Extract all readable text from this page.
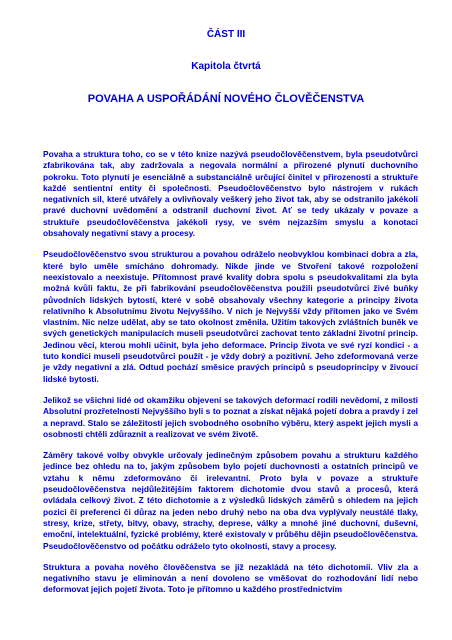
ČÁST III
Kapitola čtvrtá
POVAHA A USPOŘÁDÁNÍ NOVÉHO ČLOVĚČENSTVA

Povaha a struktura toho, co se v této knize nazývá pseudočlověčenstvem, byla pseudotvůrci zfabrikována tak, aby zadržovala a negovala normální a přirozené plynutí duchovního pokroku. Toto plynutí je esenciálně a substanciálně určující činitel v přirozenosti a struktuře každé sentientní entity či společnosti. Pseudočlověčenstvo bylo nástrojem v rukách negativních sil, které utvářely a ovlivňovaly veškerý jeho život tak, aby se odstranilo jakékoli pravé duchovní uvědomění a odstranil duchovní život. Ať se tedy ukázaly v povaze a struktuře pseudočlověčenstva jakékoli rysy, ve svém nejzazším smyslu a konotaci obsahovaly negativní stavy a procesy.

Pseudočlověčenstvo svou strukturou a povahou odráželo neobvyklou kombinaci dobra a zla, které bylo uměle smícháno dohromady. Nikde jinde ve Stvoření takové rozpoložení neexistovalo a neexistuje. Přítomnost pravé kvality dobra spolu s pseudokvalitami zla byla možná kvůli faktu, že při fabrikování pseudočlověčenstva použili pseudotvůrci živé buňky původních lidských bytostí, které v sobě obsahovaly všechny kategorie a principy života relativního k Absolutnímu životu Nejvyššího. V nich je Nejvyšší vždy přítomen jako ve Svém vlastním. Nic nelze udělat, aby se tato okolnost změnila. Užitím takových zvláštních buněk ve svých genetických manipulacích museli pseudotvůrci zachovat tento základní životní princip. Jedinou věcí, kterou mohli učinit, byla jeho deformace. Princip života ve své ryzí kondici - a tuto kondici museli pseudotvůrci použít - je vždy dobrý a pozitivní. Jeho zdeformovaná verze je vždy negativní a zlá. Odtud pochází směsice pravých principů s pseudoprincipy v živoucí lidské bytosti.

Jelikož se všichni lidé od okamžiku objevení se takových deformací rodili nevědomí, z milosti Absolutní prozřetelnosti Nejvyššího byli s to poznat a získat nějaká pojetí dobra a pravdy i zel a nepravd. Stalo se záležitostí jejich svobodného osobního výběru, který aspekt jejich mysli a osobnosti chtěli zdůraznit a realizovat ve svém životě.

Záměry takové volby obvykle určovaly jedinečným způsobem povahu a strukturu každého jedince bez ohledu na to, jakým způsobem bylo pojetí duchovnosti a ostatních principů ve vztahu k němu zdeformováno či irelevantní. Proto byla v povaze a struktuře pseudočlověčenstva nejdůležitějším faktorem dichotomie dvou stavů a procesů, která ovládala celkový život. Z této dichotomie a z výsledků lidských záměrů s ohledem na jejich pozici či preferenci či důraz na jeden nebo druhý nebo na oba dva vyplývaly neustálé tlaky, stresy, krize, střety, bitvy, obavy, strachy, deprese, války a mnohé jiné duchovní, duševní, emoční, intelektuální, fyzické problémy, které existovaly v průběhu dějin pseudočlověčenstva. Pseudočlověčenstvo od počátku odráželo tyto okolnosti, stavy a procesy.

Struktura a povaha nového člověčenstva se již nezakládá na této dichotomii. Vliv zla a negativního stavu je eliminován a není dovoleno se vměšovat do rozhodování lidí nebo deformovat jejich pojetí života. Toto je přítomno u každého prostřednictvím
